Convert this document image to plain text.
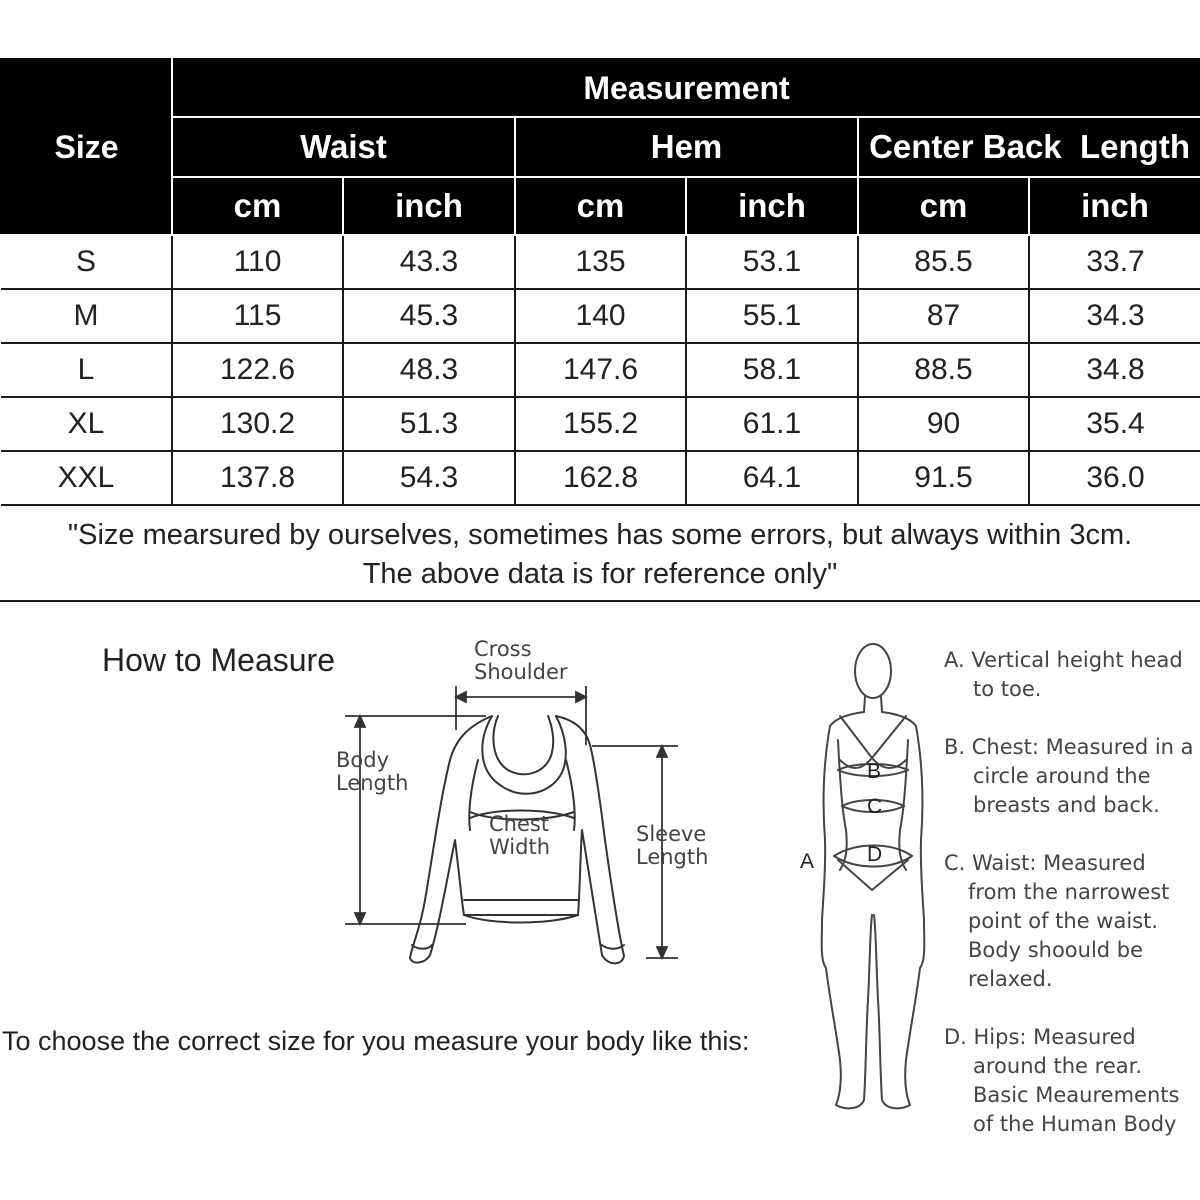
Size	Measurement					
	Waist		Hem		Center Back  Length	
	cm	inch	cm	inch	cm	inch
S	110	43.3	135	53.1	85.5	33.7
M	115	45.3	140	55.1	87	34.3
L	122.6	48.3	147.6	58.1	88.5	34.8
XL	130.2	51.3	155.2	61.1	90	35.4
XXL	137.8	54.3	162.8	64.1	91.5	36.0
"Size mearsured by ourselves, sometimes has some errors, but always within 3cm.
The above data is for reference only"
How to Measure	Cross
Shoulder
Body
Length
Chest
Width
Sleeve
Length	A
B
C
D
To choose the correct size for you measure your body like this:
A. Vertical height head
to toe.
B. Chest: Measured in a
circle around the
breasts and back.
C. Waist: Measured
from the narrowest
point of the waist.
Body shoould be
relaxed.
D. Hips: Measured
around the rear.
Basic Meaurements
of the Human Body
